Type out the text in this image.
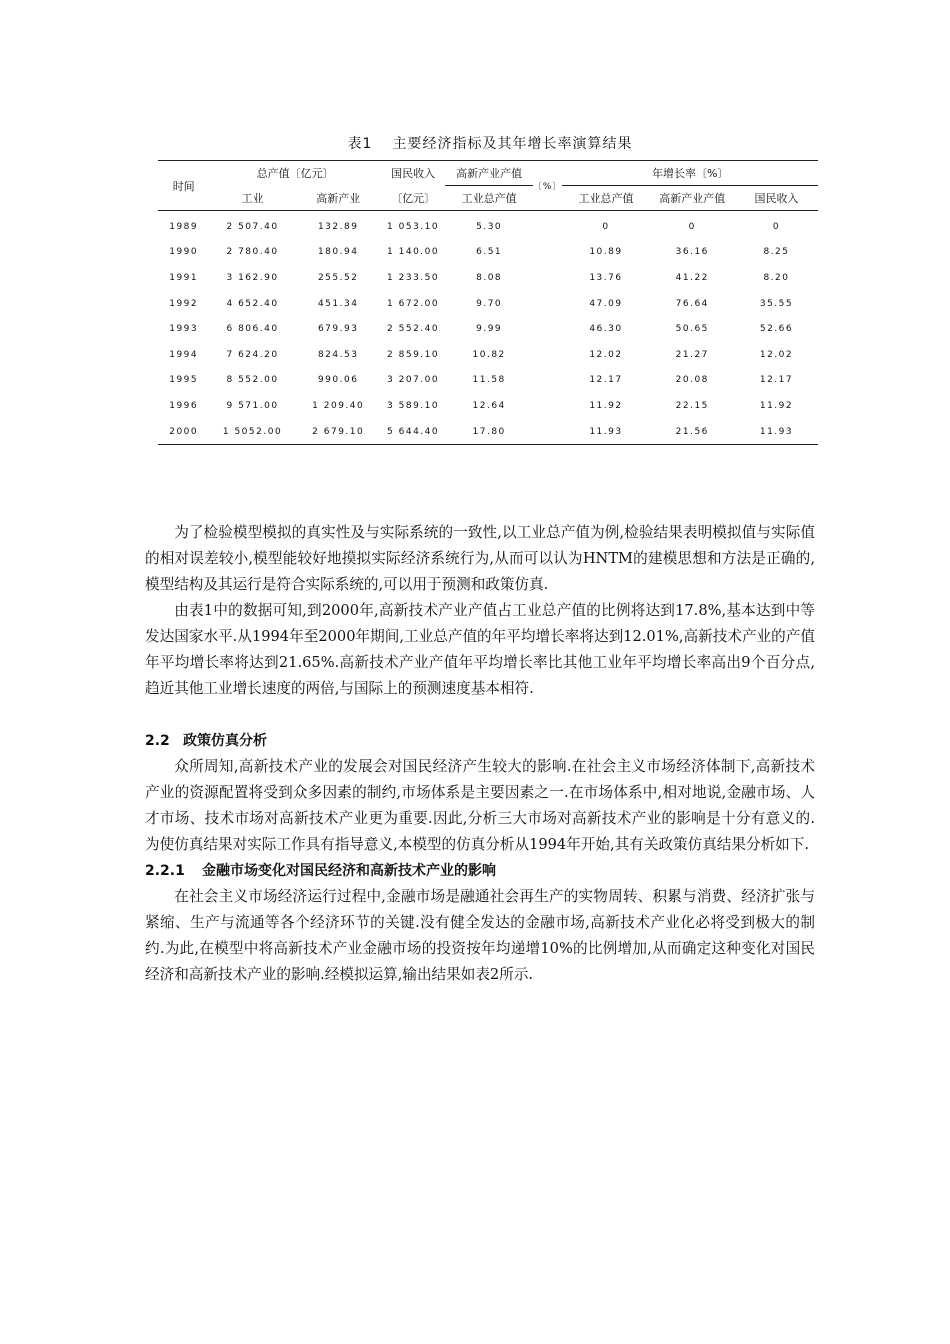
表1 主要经济指标及其年增长率演算结果
时间	总产值〔亿元〕		国民收入	高新产业产值	〔%〕	年增长率〔%〕		
	工业	高新产业	〔亿元〕	工业总产值		工业总产值	高新产业产值	国民收入
1989	2 507.40	132.89	1 053.10	5.30		0	0	0
1990	2 780.40	180.94	1 140.00	6.51		10.89	36.16	8.25
1991	3 162.90	255.52	1 233.50	8.08		13.76	41.22	8.20
1992	4 652.40	451.34	1 672.00	9.70		47.09	76.64	35.55
1993	6 806.40	679.93	2 552.40	9.99		46.30	50.65	52.66
1994	7 624.20	824.53	2 859.10	10.82		12.02	21.27	12.02
1995	8 552.00	990.06	3 207.00	11.58		12.17	20.08	12.17
1996	9 571.00	1 209.40	3 589.10	12.64		11.92	22.15	11.92
2000	1 5052.00	2 679.10	5 644.40	17.80		11.93	21.56	11.93

为了检验模型模拟的真实性及与实际系统的一致性,以工业总产值为例,检验结果表明模拟值与实际值的相对误差较小,模型能较好地摸拟实际经济系统行为,从而可以认为HNTM的建模思想和方法是正确的,模型结构及其运行是符合实际系统的,可以用于预测和政策仿真.

由表1中的数据可知,到2000年,高新技术产业产值占工业总产值的比例将达到17.8%,基本达到中等发达国家水平.从1994年至2000年期间,工业总产值的年平均增长率将达到12.01%,高新技术产业的产值年平均增长率将达到21.65%.高新技术产业产值年平均增长率比其他工业年平均增长率高出9个百分点,趋近其他工业增长速度的两倍,与国际上的预测速度基本相符.

2.2 政策仿真分析

众所周知,高新技术产业的发展会对国民经济产生较大的影响.在社会主义市场经济体制下,高新技术产业的资源配置将受到众多因素的制约,市场体系是主要因素之一.在市场体系中,相对地说,金融市场、人才市场、技术市场对高新技术产业更为重要.因此,分析三大市场对高新技术产业的影响是十分有意义的.为使仿真结果对实际工作具有指导意义,本模型的仿真分析从1994年开始,其有关政策仿真结果分析如下.

2.2.1 金融市场变化对国民经济和高新技术产业的影响

在社会主义市场经济运行过程中,金融市场是融通社会再生产的实物周转、积累与消费、经济扩张与紧缩、生产与流通等各个经济环节的关键.没有健全发达的金融市场,高新技术产业化必将受到极大的制约.为此,在模型中将高新技术产业金融市场的投资按年均递增10%的比例增加,从而确定这种变化对国民经济和高新技术产业的影响.经模拟运算,输出结果如表2所示.
